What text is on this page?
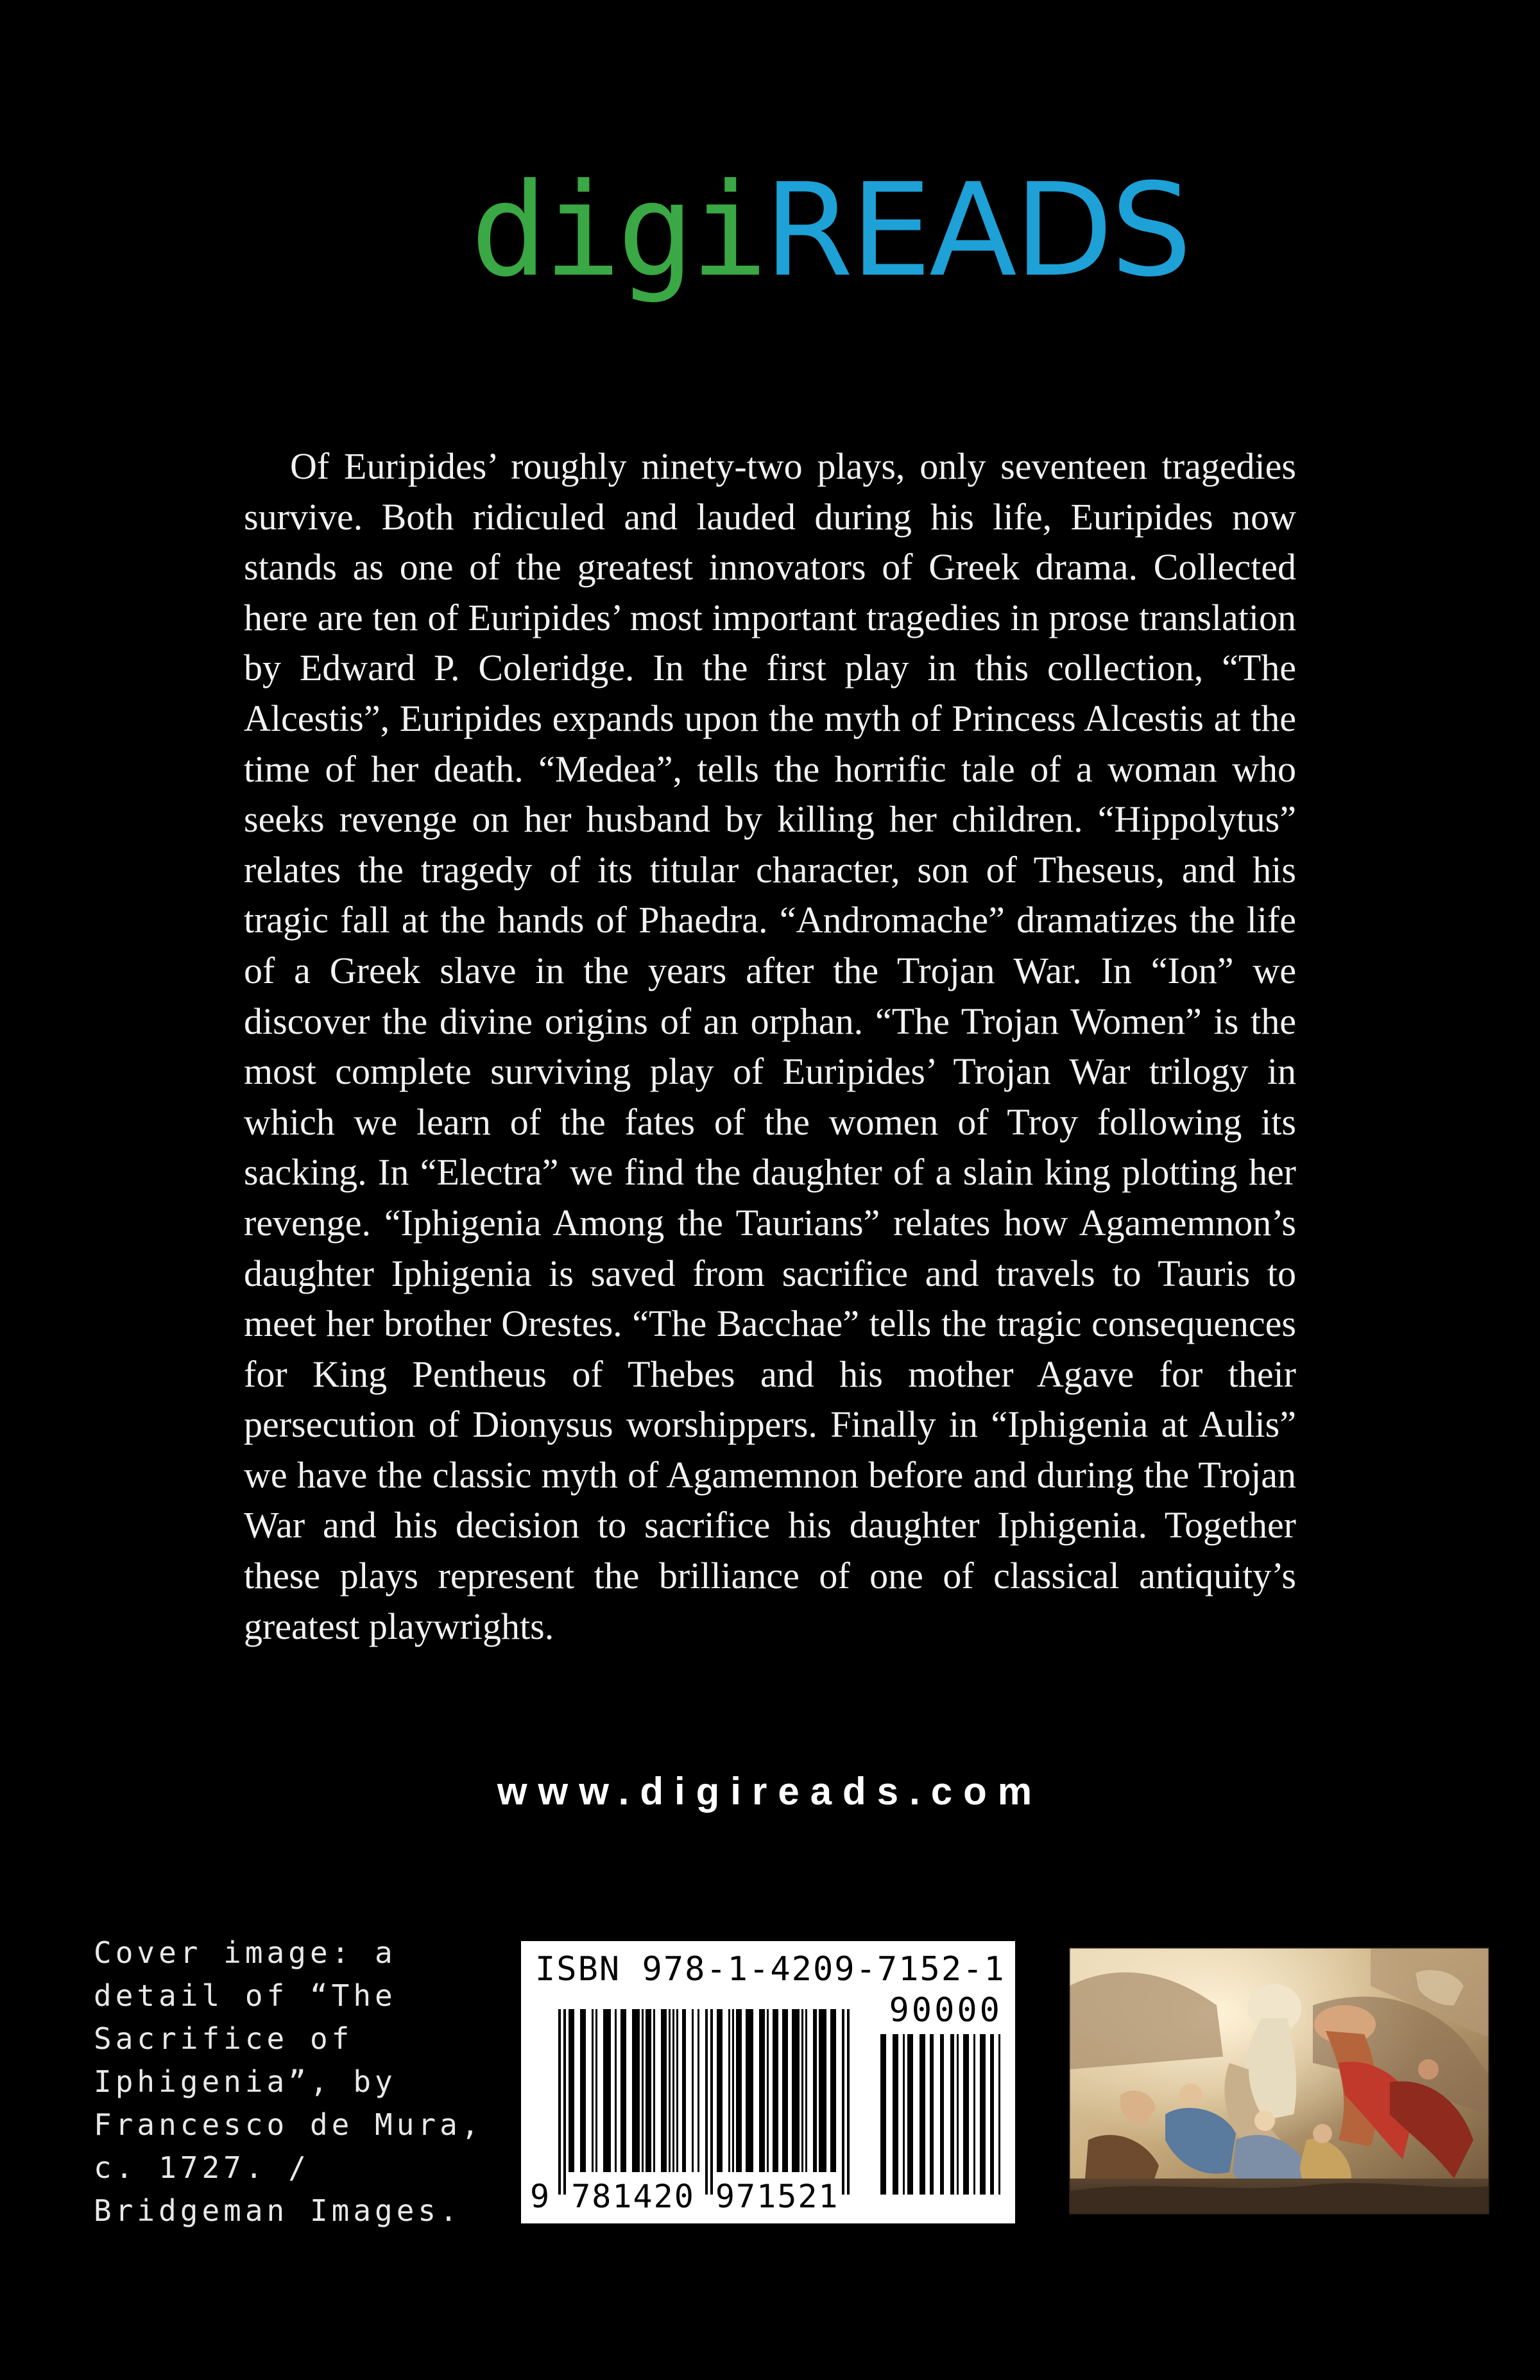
digiREADS

Of Euripides’ roughly ninety-two plays, only seventeen tragedies survive. Both ridiculed and lauded during his life, Euripides now stands as one of the greatest innovators of Greek drama. Collected here are ten of Euripides’ most important tragedies in prose translation by Edward P. Coleridge. In the first play in this collection, “The Alcestis”, Euripides expands upon the myth of Princess Alcestis at the time of her death. “Medea”, tells the horrific tale of a woman who seeks revenge on her husband by killing her children. “Hippolytus” relates the tragedy of its titular character, son of Theseus, and his tragic fall at the hands of Phaedra. “Andromache” dramatizes the life of a Greek slave in the years after the Trojan War. In “Ion” we discover the divine origins of an orphan. “The Trojan Women” is the most complete surviving play of Euripides’ Trojan War trilogy in which we learn of the fates of the women of Troy following its sacking. In “Electra” we find the daughter of a slain king plotting her revenge. “Iphigenia Among the Taurians” relates how Agamemnon’s daughter Iphigenia is saved from sacrifice and travels to Tauris to meet her brother Orestes. “The Bacchae” tells the tragic consequences for King Pentheus of Thebes and his mother Agave for their persecution of Dionysus worshippers. Finally in “Iphigenia at Aulis” we have the classic myth of Agamemnon before and during the Trojan War and his decision to sacrifice his daughter Iphigenia. Together these plays represent the brilliance of one of classical antiquity’s greatest playwrights.

www.digireads.com

Cover image: a detail of “The Sacrifice of Iphigenia”, by Francesco de Mura, c. 1727. / Bridgeman Images.

ISBN 978-1-4209-7152-1
90000
9 781420 971521
